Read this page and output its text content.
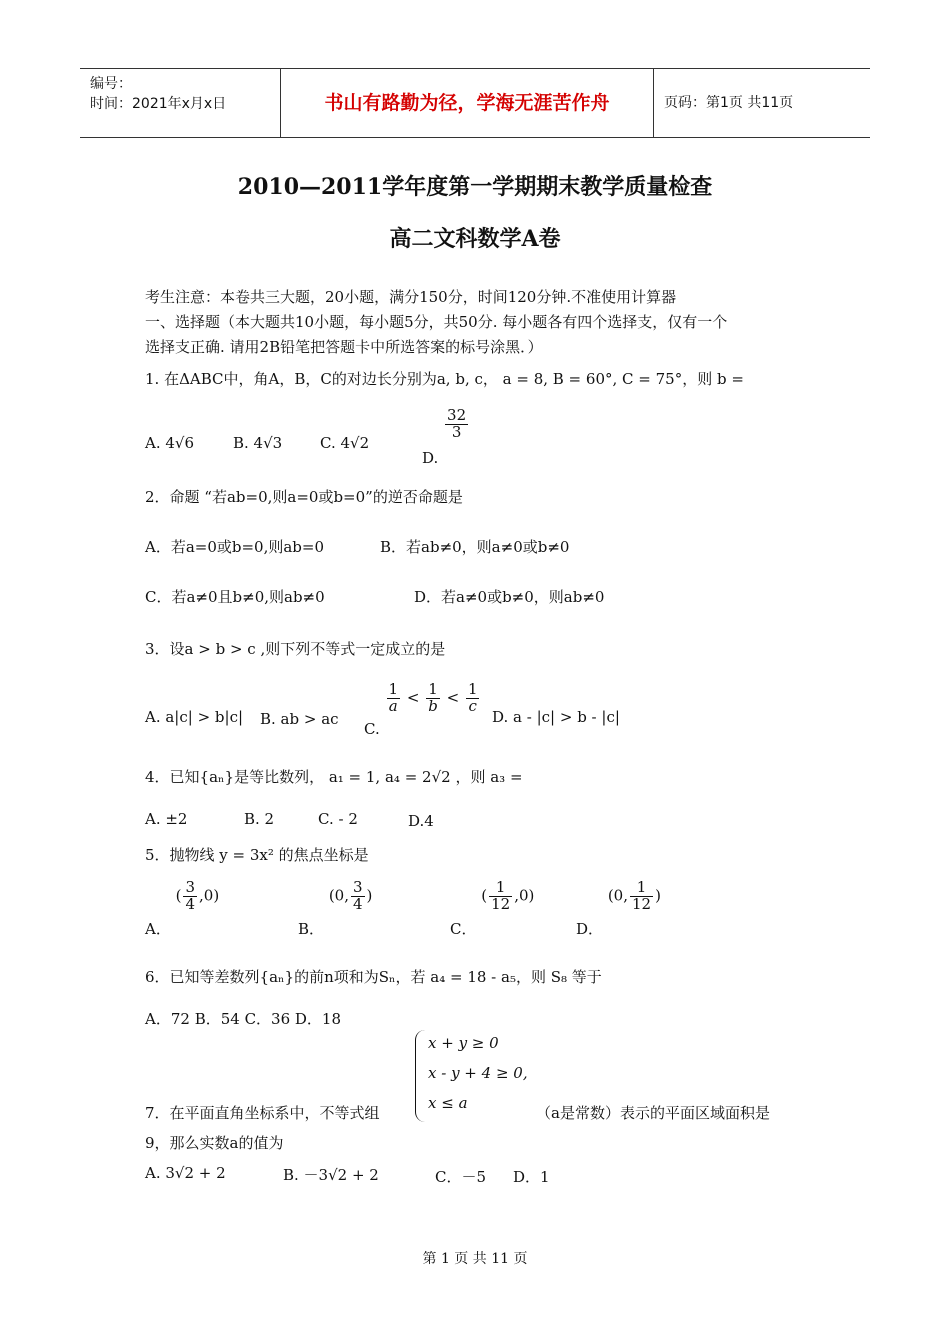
编号：
时间：2021年x月x日	书山有路勤为径，学海无涯苦作舟	页码：第1页 共11页
2010—2011学年度第一学期期末教学质量检查
高二文科数学A卷
考生注意：本卷共三大题，20小题，满分150分，时间120分钟.不准使用计算器
一、选择题（本大题共10小题，每小题5分，共50分. 每小题各有四个选择支，仅有一个
选择支正确. 请用2B铅笔把答题卡中所选答案的标号涂黑．）
1. 在ΔABC中，角A，B，C的对边长分别为a, b, c， a = 8, B = 60°, C = 75°，则 b =
A. 4√6	B. 4√3	C. 4√2
D.
$\frac{32}{3}$
2．命题 “若ab=0,则a=0或b=0”的逆否命题是
A．若a=0或b=0,则ab=0	B．若ab≠0，则a≠0或b≠0
C．若a≠0且b≠0,则ab≠0	D．若a≠0或b≠0，则ab≠0
3．设a > b > c ,则下列不等式一定成立的是
A. a|c| > b|c| B. ab > ac
C.
$\frac{1}{a} < \frac{1}{b} < \frac{1}{c}$
D. a - |c| > b - |c|
4．已知{aₙ}是等比数列， a₁ = 1, a₄ = 2√2 ，则 a₃ =
A. ±2	B. 2	C. - 2	D.4
5．抛物线 y = 3x² 的焦点坐标是
A． ( $\frac{3}{4} ,0$)
B． (0, $\frac{3}{4}$ )
C． ( $\frac{1}{12} ,0$)
D． (0, $\frac{1}{12}$ )
6．已知等差数列{aₙ}的前n项和为Sₙ，若 a₄ = 18 - a₅，则 S₈ 等于
A．72 B．54 C．36 D．18
x + y ≥ 0
x - y + 4 ≥ 0,
x ≤ a
7．在平面直角坐标系中，不等式组	（a是常数）表示的平面区域面积是
9，那么实数a的值为
A. 3√2 + 2	B. －3√2 + 2	C．－5 D．1
第 1 页 共 11 页
